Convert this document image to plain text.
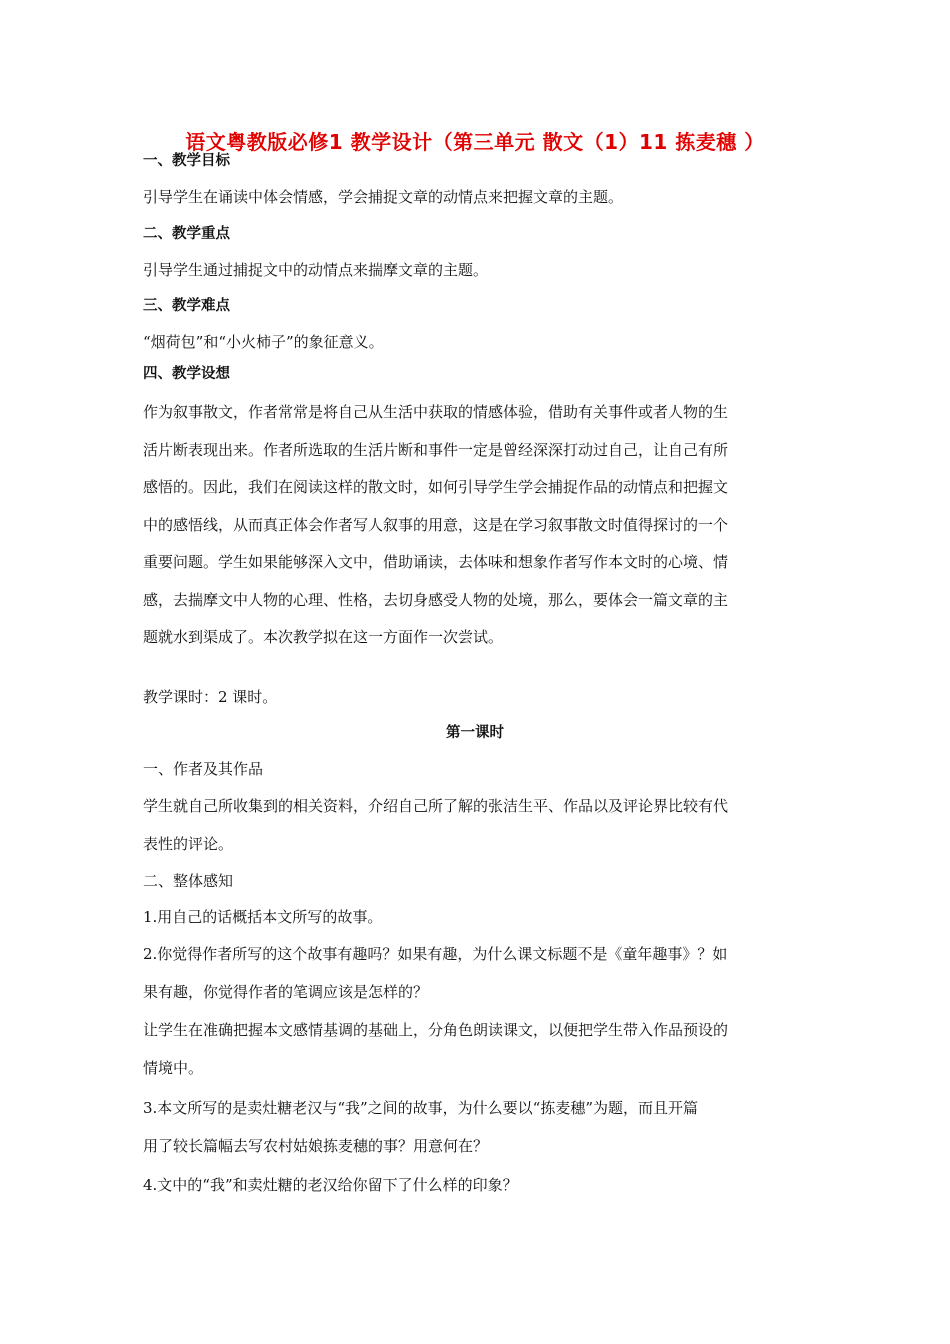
语文粤教版必修1 教学设计（第三单元 散文（1）11 拣麦穗 ）

一、教学目标

引导学生在诵读中体会情感，学会捕捉文章的动情点来把握文章的主题。

二、教学重点

引导学生通过捕捉文中的动情点来揣摩文章的主题。

三、教学难点

“烟荷包”和“小火柿子”的象征意义。

四、教学设想

作为叙事散文，作者常常是将自己从生活中获取的情感体验，借助有关事件或者人物的生

活片断表现出来。作者所选取的生活片断和事件一定是曾经深深打动过自己，让自己有所

感悟的。因此，我们在阅读这样的散文时，如何引导学生学会捕捉作品的动情点和把握文

中的感悟线，从而真正体会作者写人叙事的用意，这是在学习叙事散文时值得探讨的一个

重要问题。学生如果能够深入文中，借助诵读，去体味和想象作者写作本文时的心境、情

感，去揣摩文中人物的心理、性格，去切身感受人物的处境，那么，要体会一篇文章的主

题就水到渠成了。本次教学拟在这一方面作一次尝试。

教学课时：2 课时。

第一课时

一、作者及其作品

学生就自己所收集到的相关资料，介绍自己所了解的张洁生平、作品以及评论界比较有代

表性的评论。

二、整体感知

1.用自己的话概括本文所写的故事。

2.你觉得作者所写的这个故事有趣吗？如果有趣，为什么课文标题不是《童年趣事》？如

果有趣，你觉得作者的笔调应该是怎样的？

让学生在准确把握本文感情基调的基础上，分角色朗读课文，以便把学生带入作品预设的

情境中。

3.本文所写的是卖灶糖老汉与“我”之间的故事，为什么要以“拣麦穗”为题，而且开篇

用了较长篇幅去写农村姑娘拣麦穗的事？用意何在？

4.文中的“我”和卖灶糖的老汉给你留下了什么样的印象？
